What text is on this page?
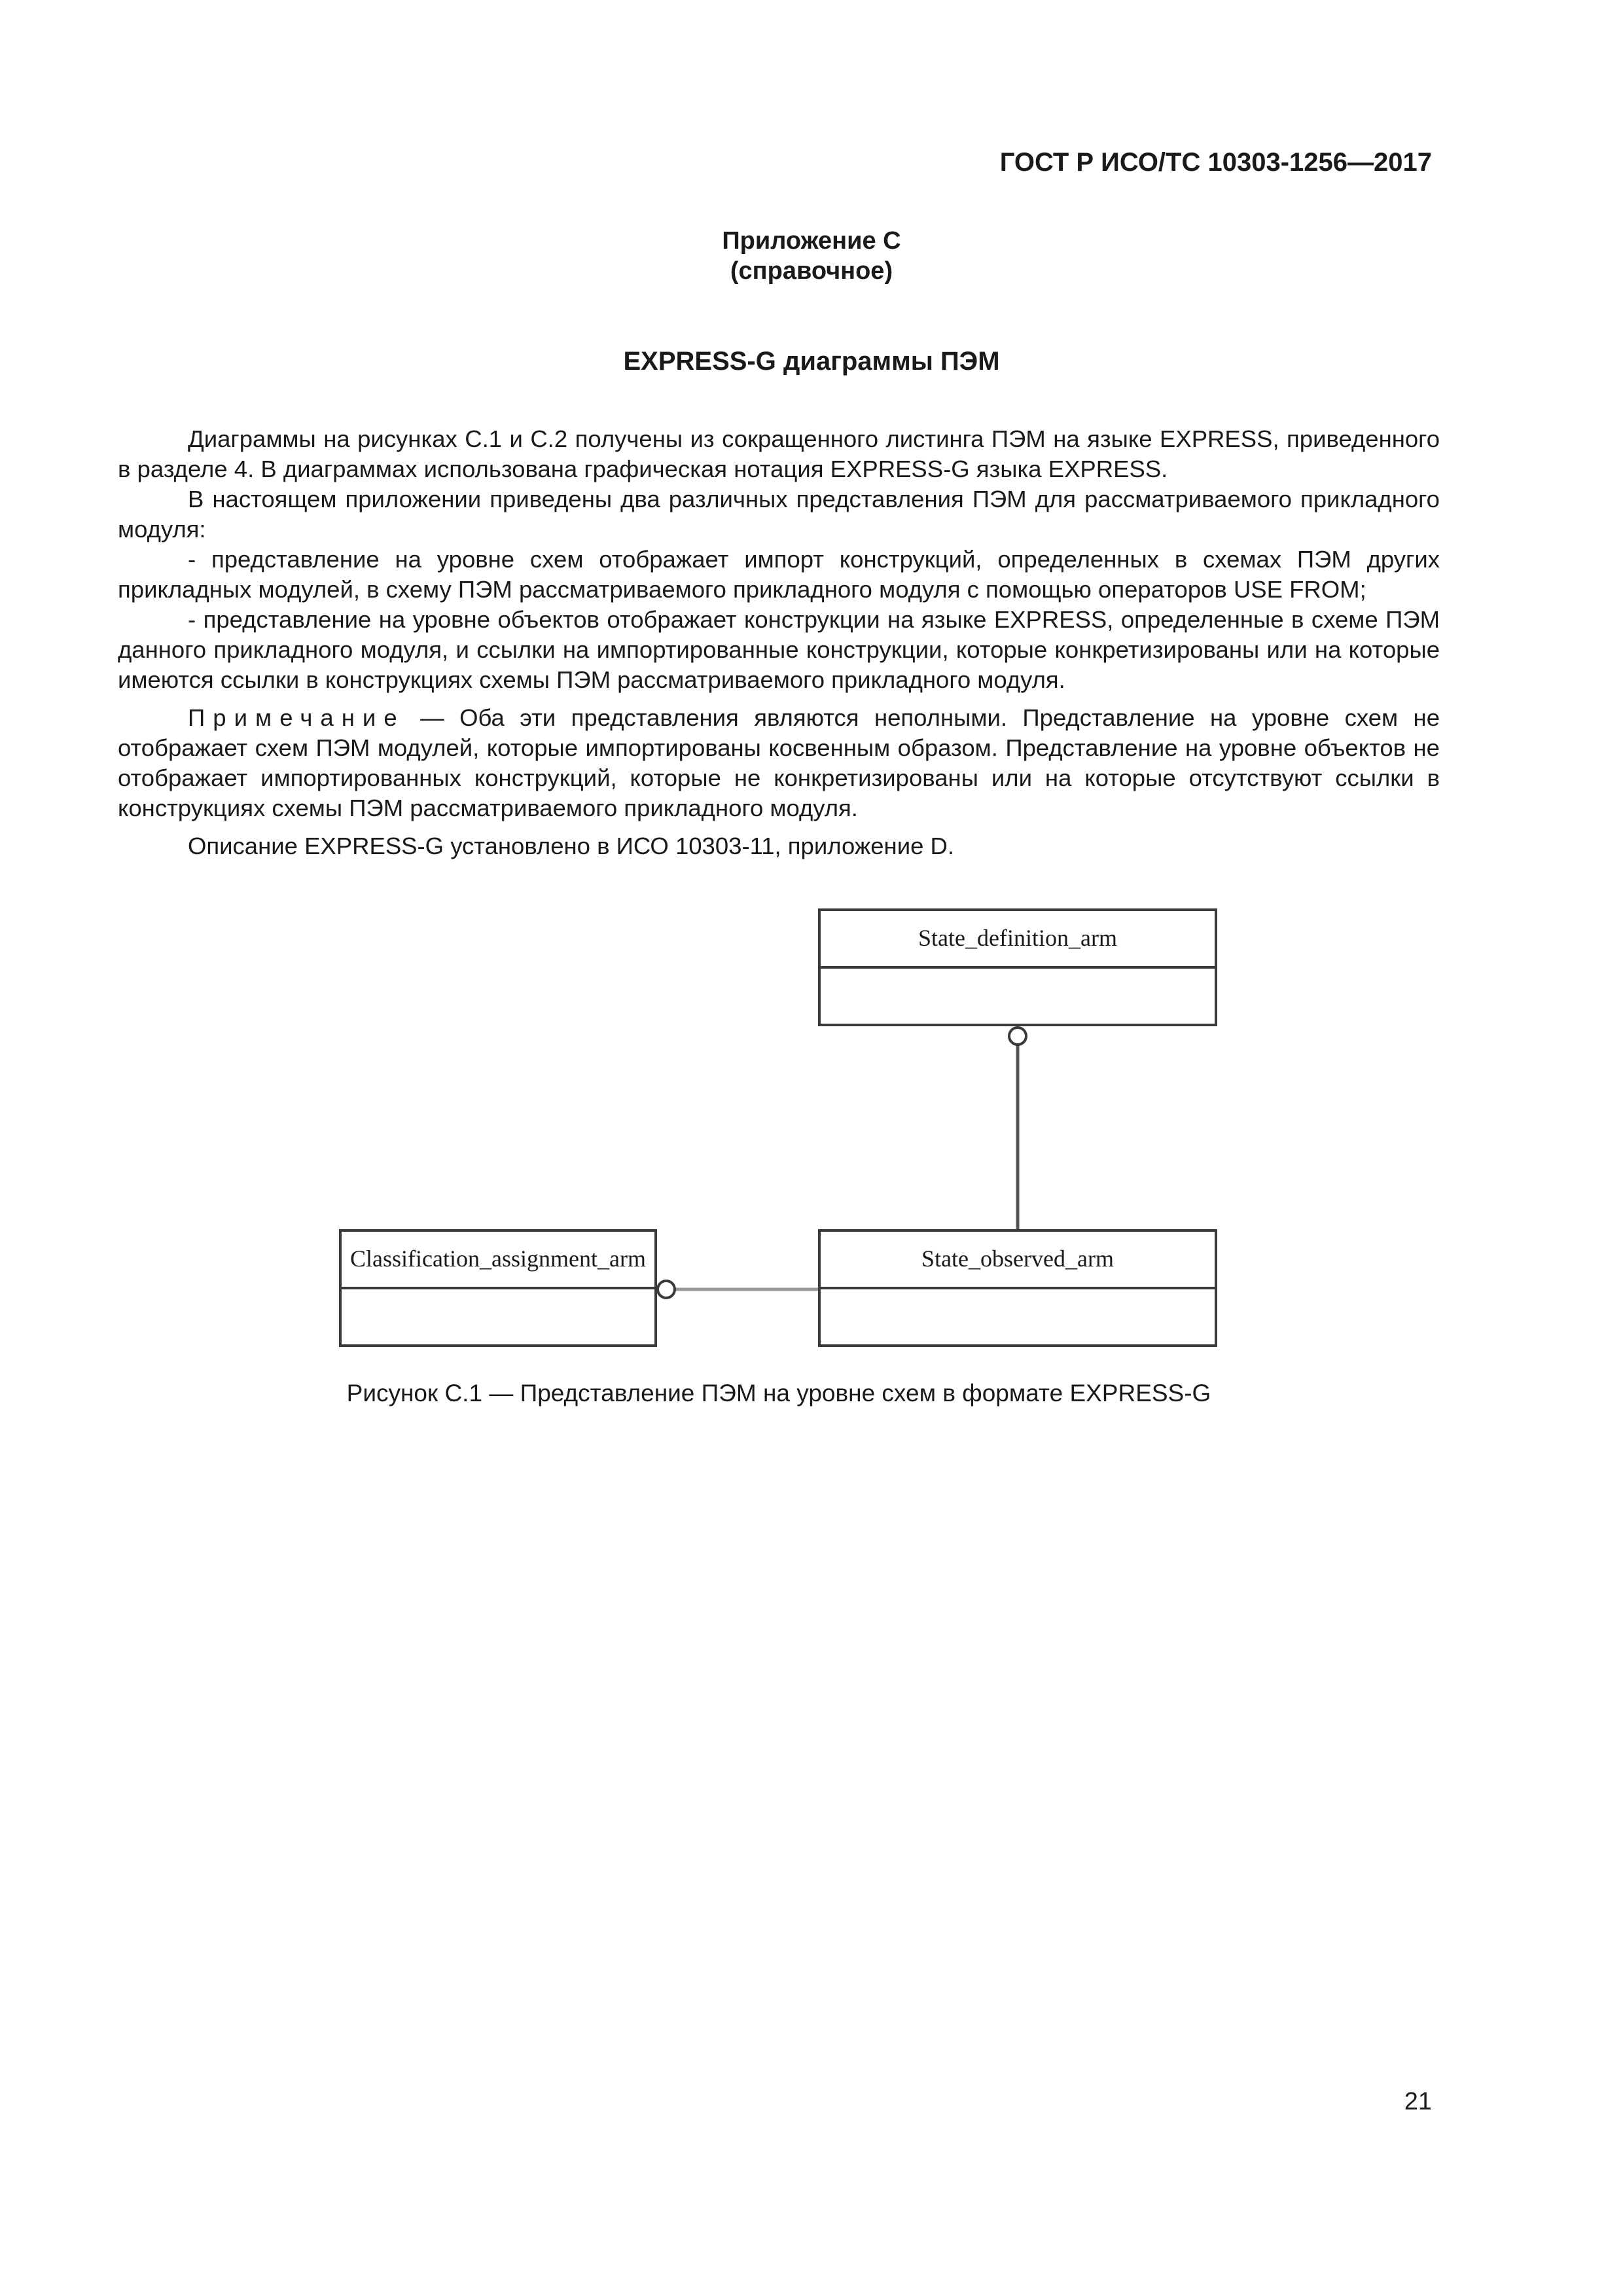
ГОСТ Р ИСО/ТС 10303-1256—2017
Приложение C
(справочное)
EXPRESS-G диаграммы ПЭМ

Диаграммы на рисунках С.1 и С.2 получены из сокращенного листинга ПЭМ на языке EXPRESS, приведенного в разделе 4. В диаграммах использована графическая нотация EXPRESS-G языка EXPRESS.

В настоящем приложении приведены два различных представления ПЭМ для рассматриваемого прикладного модуля:

- представление на уровне схем отображает импорт конструкций, определенных в схемах ПЭМ других прикладных модулей, в схему ПЭМ рассматриваемого прикладного модуля с помощью операторов USE FROM;

- представление на уровне объектов отображает конструкции на языке EXPRESS, определенные в схеме ПЭМ данного прикладного модуля, и ссылки на импортированные конструкции, которые конкретизированы или на которые имеются ссылки в конструкциях схемы ПЭМ рассматриваемого прикладного модуля.

Примечание — Оба эти представления являются неполными. Представление на уровне схем не отображает схем ПЭМ модулей, которые импортированы косвенным образом. Представление на уровне объектов не отображает импортированных конструкций, которые не конкретизированы или на которые отсутствуют ссылки в конструкциях схемы ПЭМ рассматриваемого прикладного модуля.

Описание EXPRESS-G установлено в ИСО 10303-11, приложение D.

State_definition_arm
Classification_assignment_arm	State_observed_arm
Рисунок С.1 — Представление ПЭМ на уровне схем в формате EXPRESS-G
21
